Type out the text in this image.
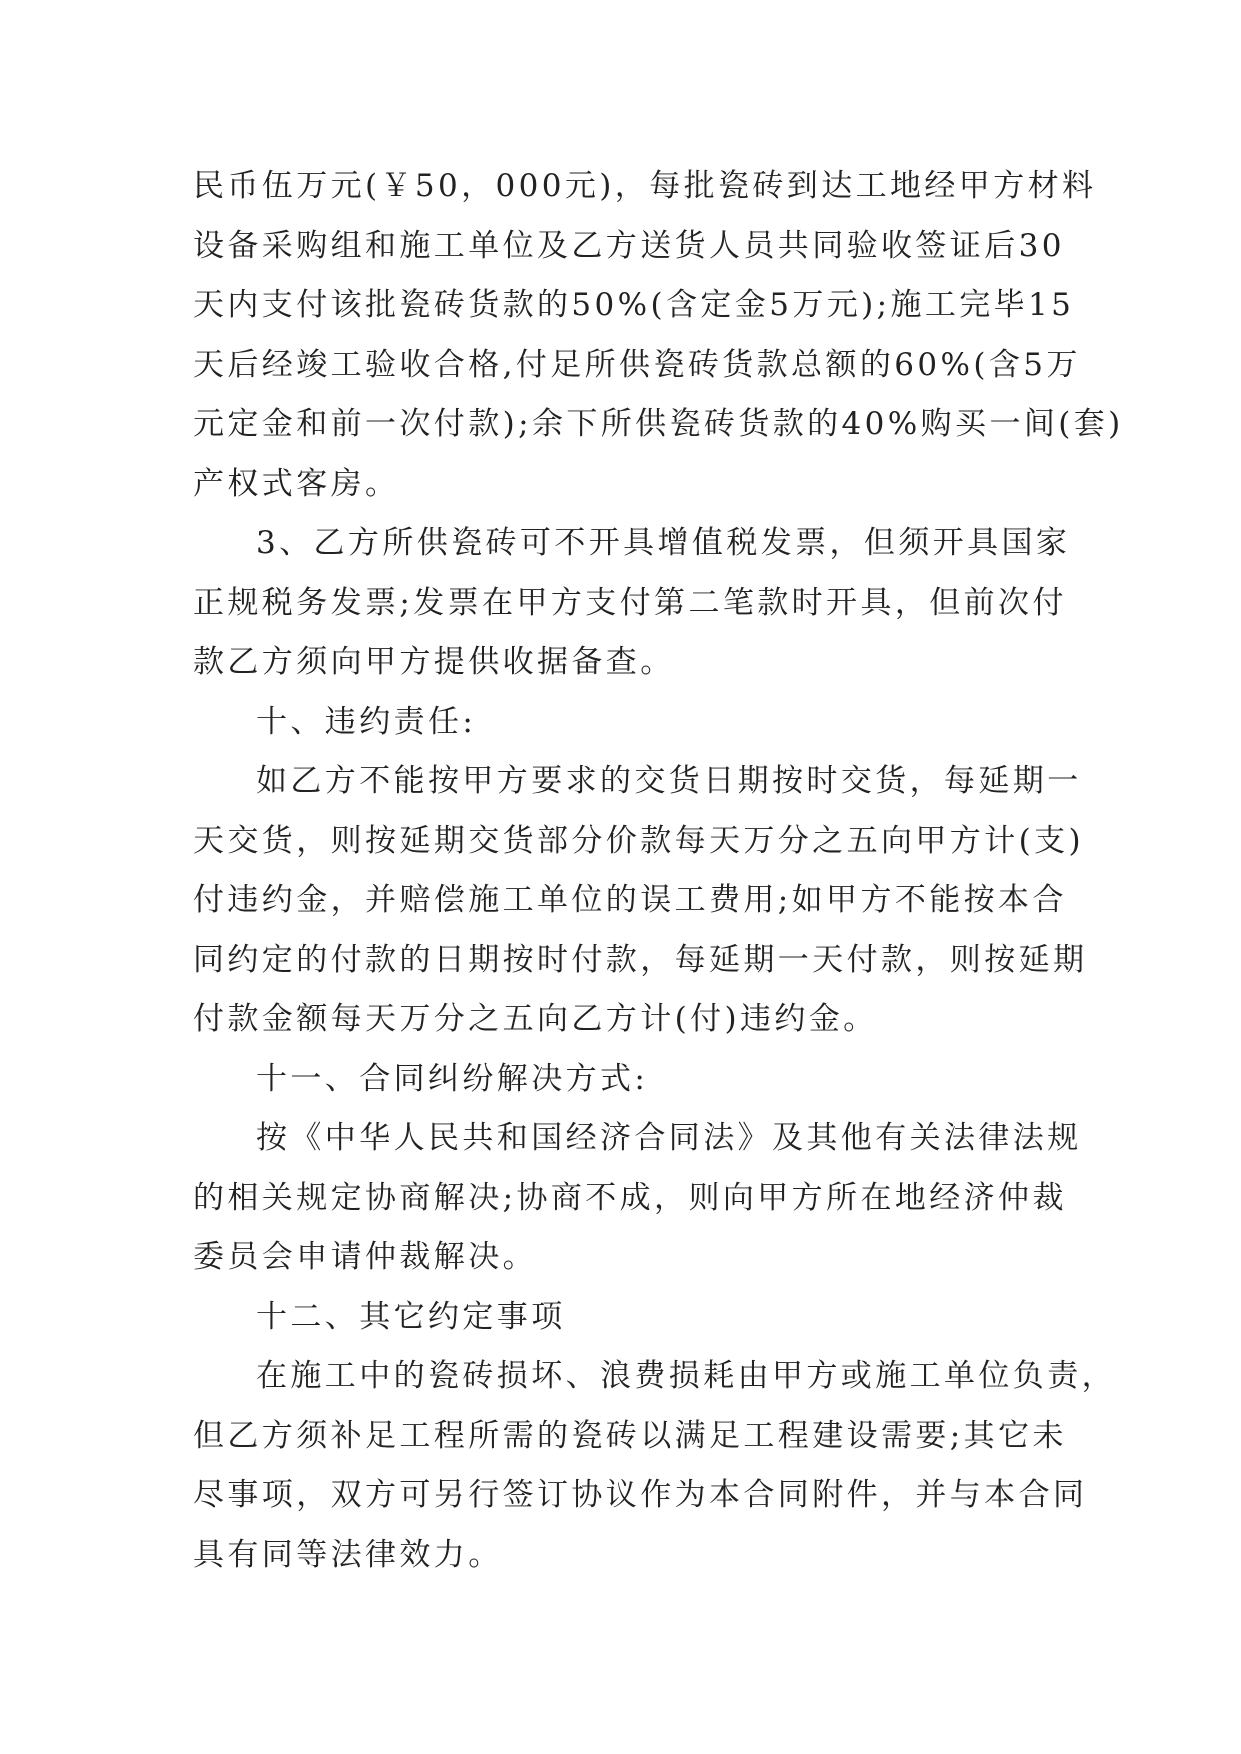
民币伍万元(￥50，000元)，每批瓷砖到达工地经甲方材料
设备采购组和施工单位及乙方送货人员共同验收签证后30
天内支付该批瓷砖货款的50%(含定金5万元);施工完毕15
天后经竣工验收合格,付足所供瓷砖货款总额的60%(含5万
元定金和前一次付款);余下所供瓷砖货款的40%购买一间(套)
产权式客房。
3、乙方所供瓷砖可不开具增值税发票，但须开具国家
正规税务发票;发票在甲方支付第二笔款时开具，但前次付
款乙方须向甲方提供收据备查。
十、违约责任:
如乙方不能按甲方要求的交货日期按时交货，每延期一
天交货，则按延期交货部分价款每天万分之五向甲方计(支)
付违约金，并赔偿施工单位的误工费用;如甲方不能按本合
同约定的付款的日期按时付款，每延期一天付款，则按延期
付款金额每天万分之五向乙方计(付)违约金。
十一、合同纠纷解决方式:
按《中华人民共和国经济合同法》及其他有关法律法规
的相关规定协商解决;协商不成，则向甲方所在地经济仲裁
委员会申请仲裁解决。
十二、其它约定事项
在施工中的瓷砖损坏、浪费损耗由甲方或施工单位负责，
但乙方须补足工程所需的瓷砖以满足工程建设需要;其它未
尽事项，双方可另行签订协议作为本合同附件，并与本合同
具有同等法律效力。
